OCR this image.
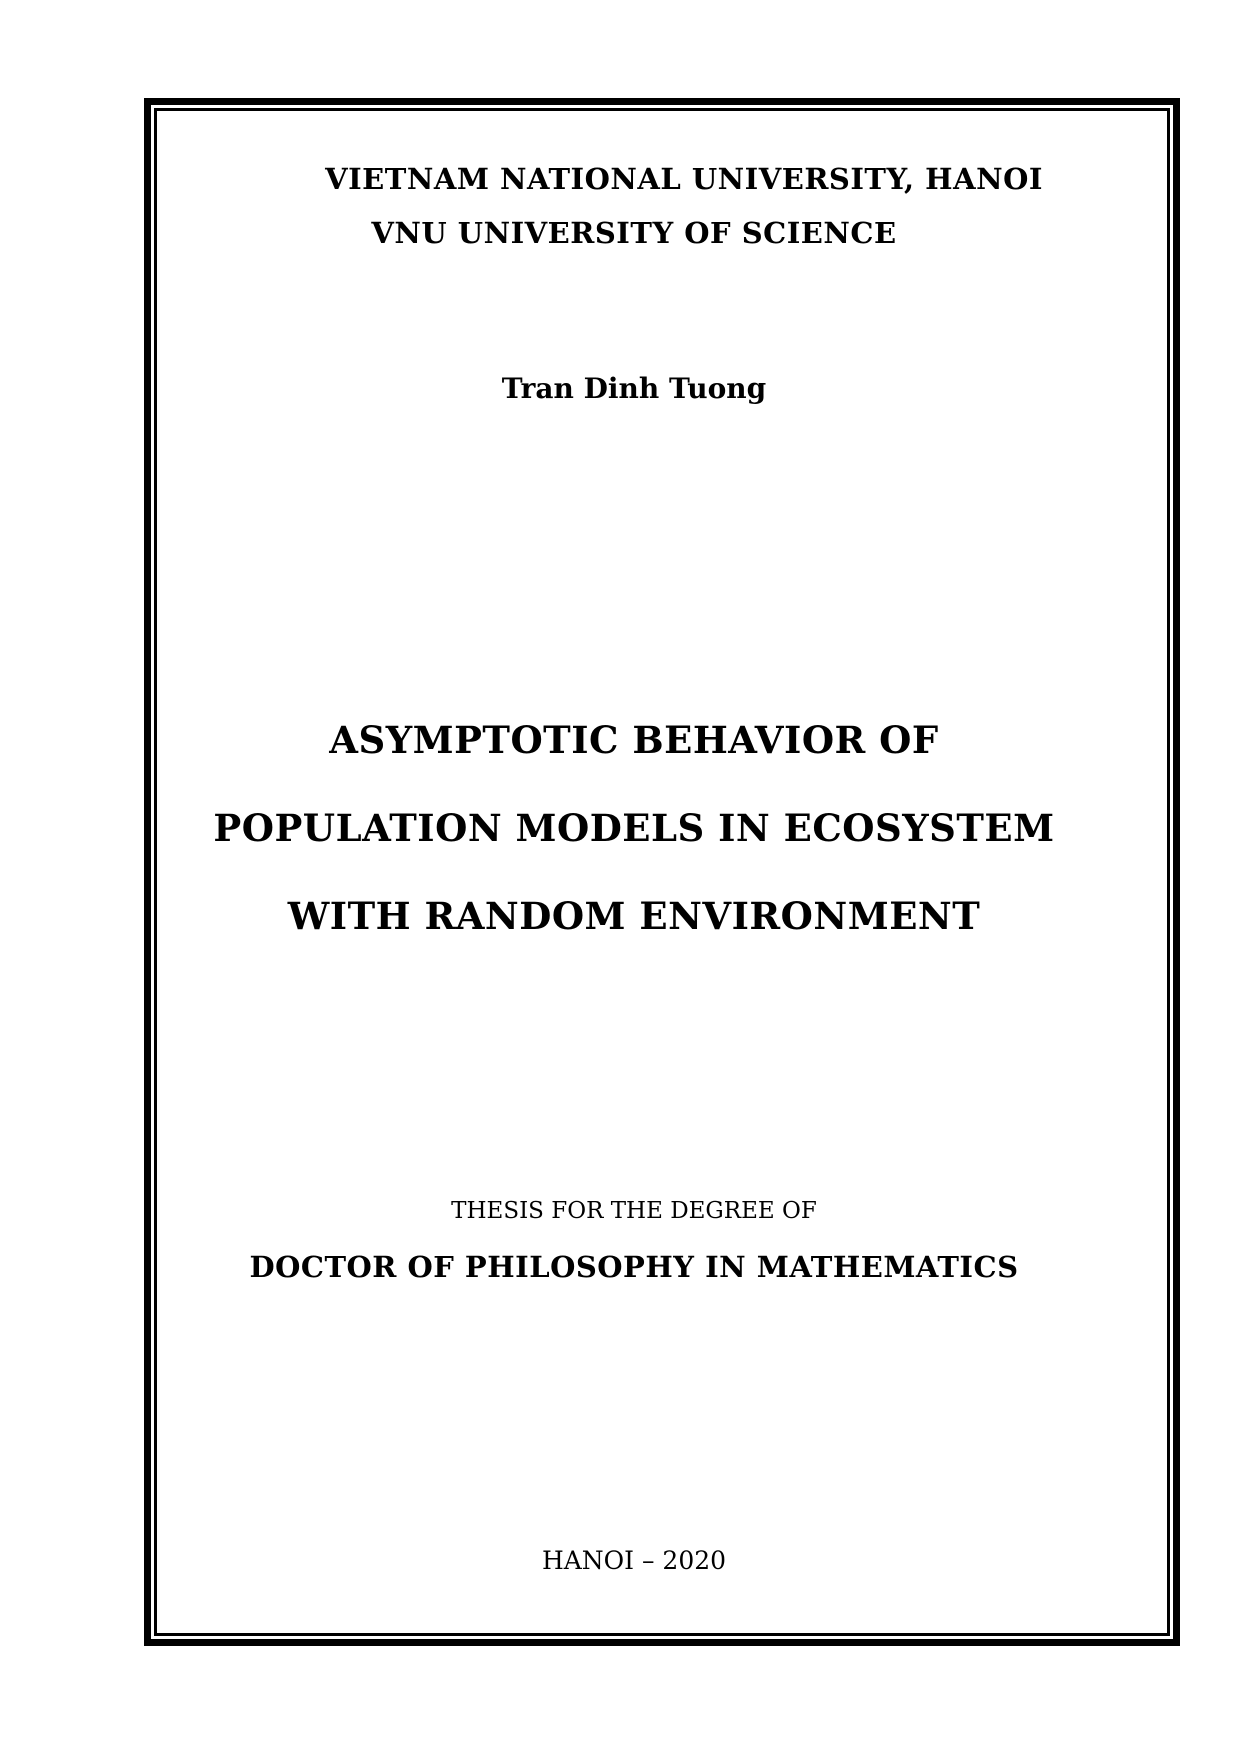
VIETNAM NATIONAL UNIVERSITY, HANOI
VNU UNIVERSITY OF SCIENCE
Tran Dinh Tuong
ASYMPTOTIC BEHAVIOR OF
POPULATION MODELS IN ECOSYSTEM
WITH RANDOM ENVIRONMENT
THESIS FOR THE DEGREE OF
DOCTOR OF PHILOSOPHY IN MATHEMATICS
HANOI – 2020
